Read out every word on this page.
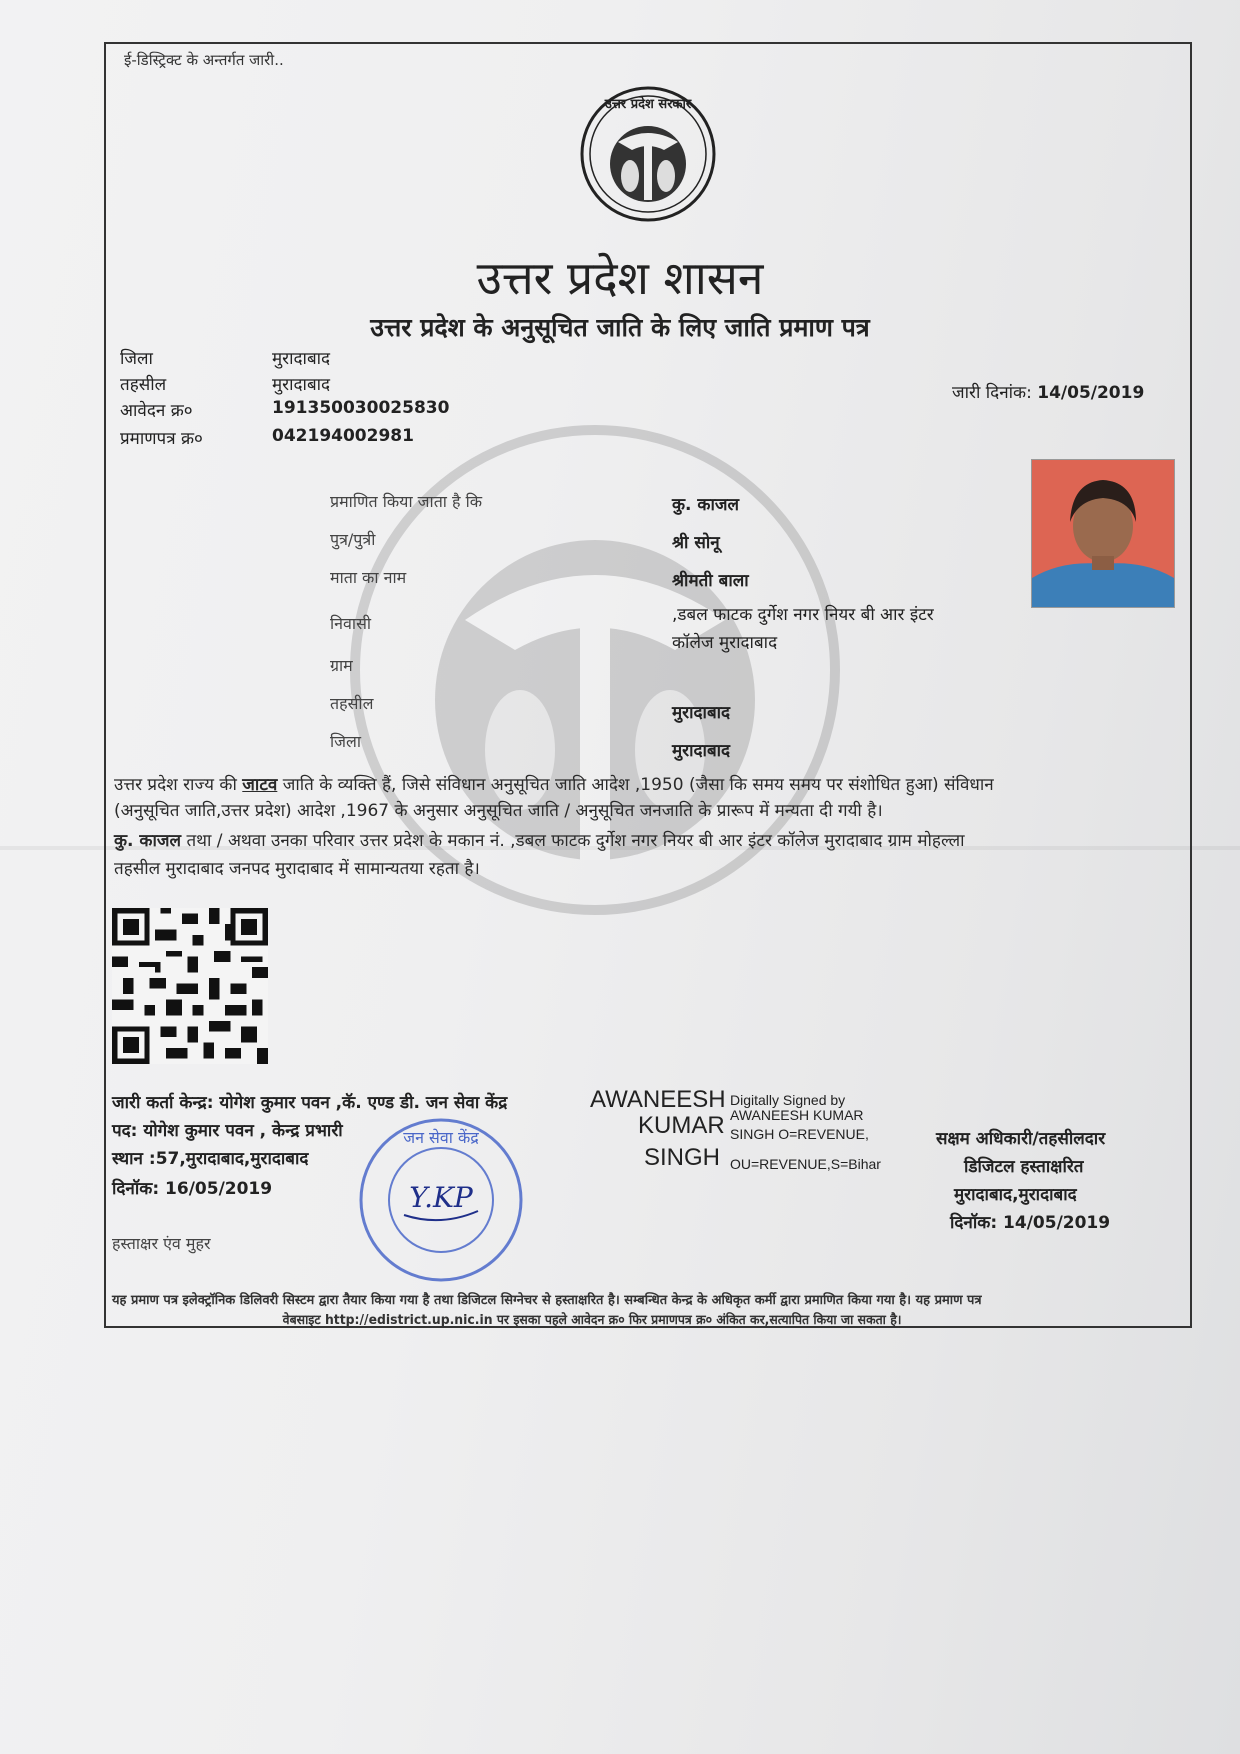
ई-डिस्ट्रिक्ट के अन्तर्गत जारी..
उत्तर प्रदेश सरकार
उत्तर प्रदेश शासन
उत्तर प्रदेश के अनुसूचित जाति के लिए जाति प्रमाण पत्र
जिला	मुरादाबाद
तहसील	मुरादाबाद
आवेदन क्र०	191350030025830
प्रमाणपत्र क्र०	042194002981
जारी दिनांक: 14/05/2019
प्रमाणित किया जाता है कि	कु. काजल
पुत्र/पुत्री	श्री सोनू
माता का नाम	श्रीमती बाला
निवासी	,डबल फाटक दुर्गेश नगर नियर बी आर इंटर
कॉलेज मुरादाबाद
ग्राम
तहसील	मुरादाबाद
जिला	मुरादाबाद
उत्तर प्रदेश राज्य की जाटव जाति के व्यक्ति हैं, जिसे संविधान अनुसूचित जाति आदेश ,1950 (जैसा कि समय समय पर संशोधित हुआ) संविधान
(अनुसूचित जाति,उत्तर प्रदेश) आदेश ,1967 के अनुसार अनुसूचित जाति / अनुसूचित जनजाति के प्रारूप में मन्यता दी गयी है।
कु. काजल तथा / अथवा उनका परिवार उत्तर प्रदेश के मकान नं. ,डबल फाटक दुर्गेश नगर नियर बी आर इंटर कॉलेज मुरादाबाद ग्राम मोहल्ला
तहसील मुरादाबाद जनपद मुरादाबाद में सामान्यतया रहता है।
जारी कर्ता केन्द्र: योगेश कुमार पवन ,कॅ. एण्ड डी. जन सेवा केंद्र
पद: योगेश कुमार पवन , केन्द्र प्रभारी
स्थान :57,मुरादाबाद,मुरादाबाद
दिनॉक: 16/05/2019
हस्ताक्षर एंव मुहर
AWANEESH
KUMAR
SINGH
Digitally Signed by
AWANEESH KUMAR
SINGH O=REVENUE,
OU=REVENUE,S=Bihar
जन सेवा केंद्र
Y.KP
सक्षम अधिकारी/तहसीलदार
डिजिटल हस्ताक्षरित
मुरादाबाद,मुरादाबाद
दिनॉक: 14/05/2019
यह प्रमाण पत्र इलेक्ट्रॉनिक डिलिवरी सिस्टम द्वारा तैयार किया गया है तथा डिजिटल सिग्नेचर से हस्ताक्षरित है। सम्बन्धित केन्द्र के अधिकृत कर्मी द्वारा प्रमाणित किया गया है। यह प्रमाण पत्र
वेबसाइट http://edistrict.up.nic.in पर इसका पहले आवेदन क्र० फिर प्रमाणपत्र क्र० अंकित कर,सत्यापित किया जा सकता है।
